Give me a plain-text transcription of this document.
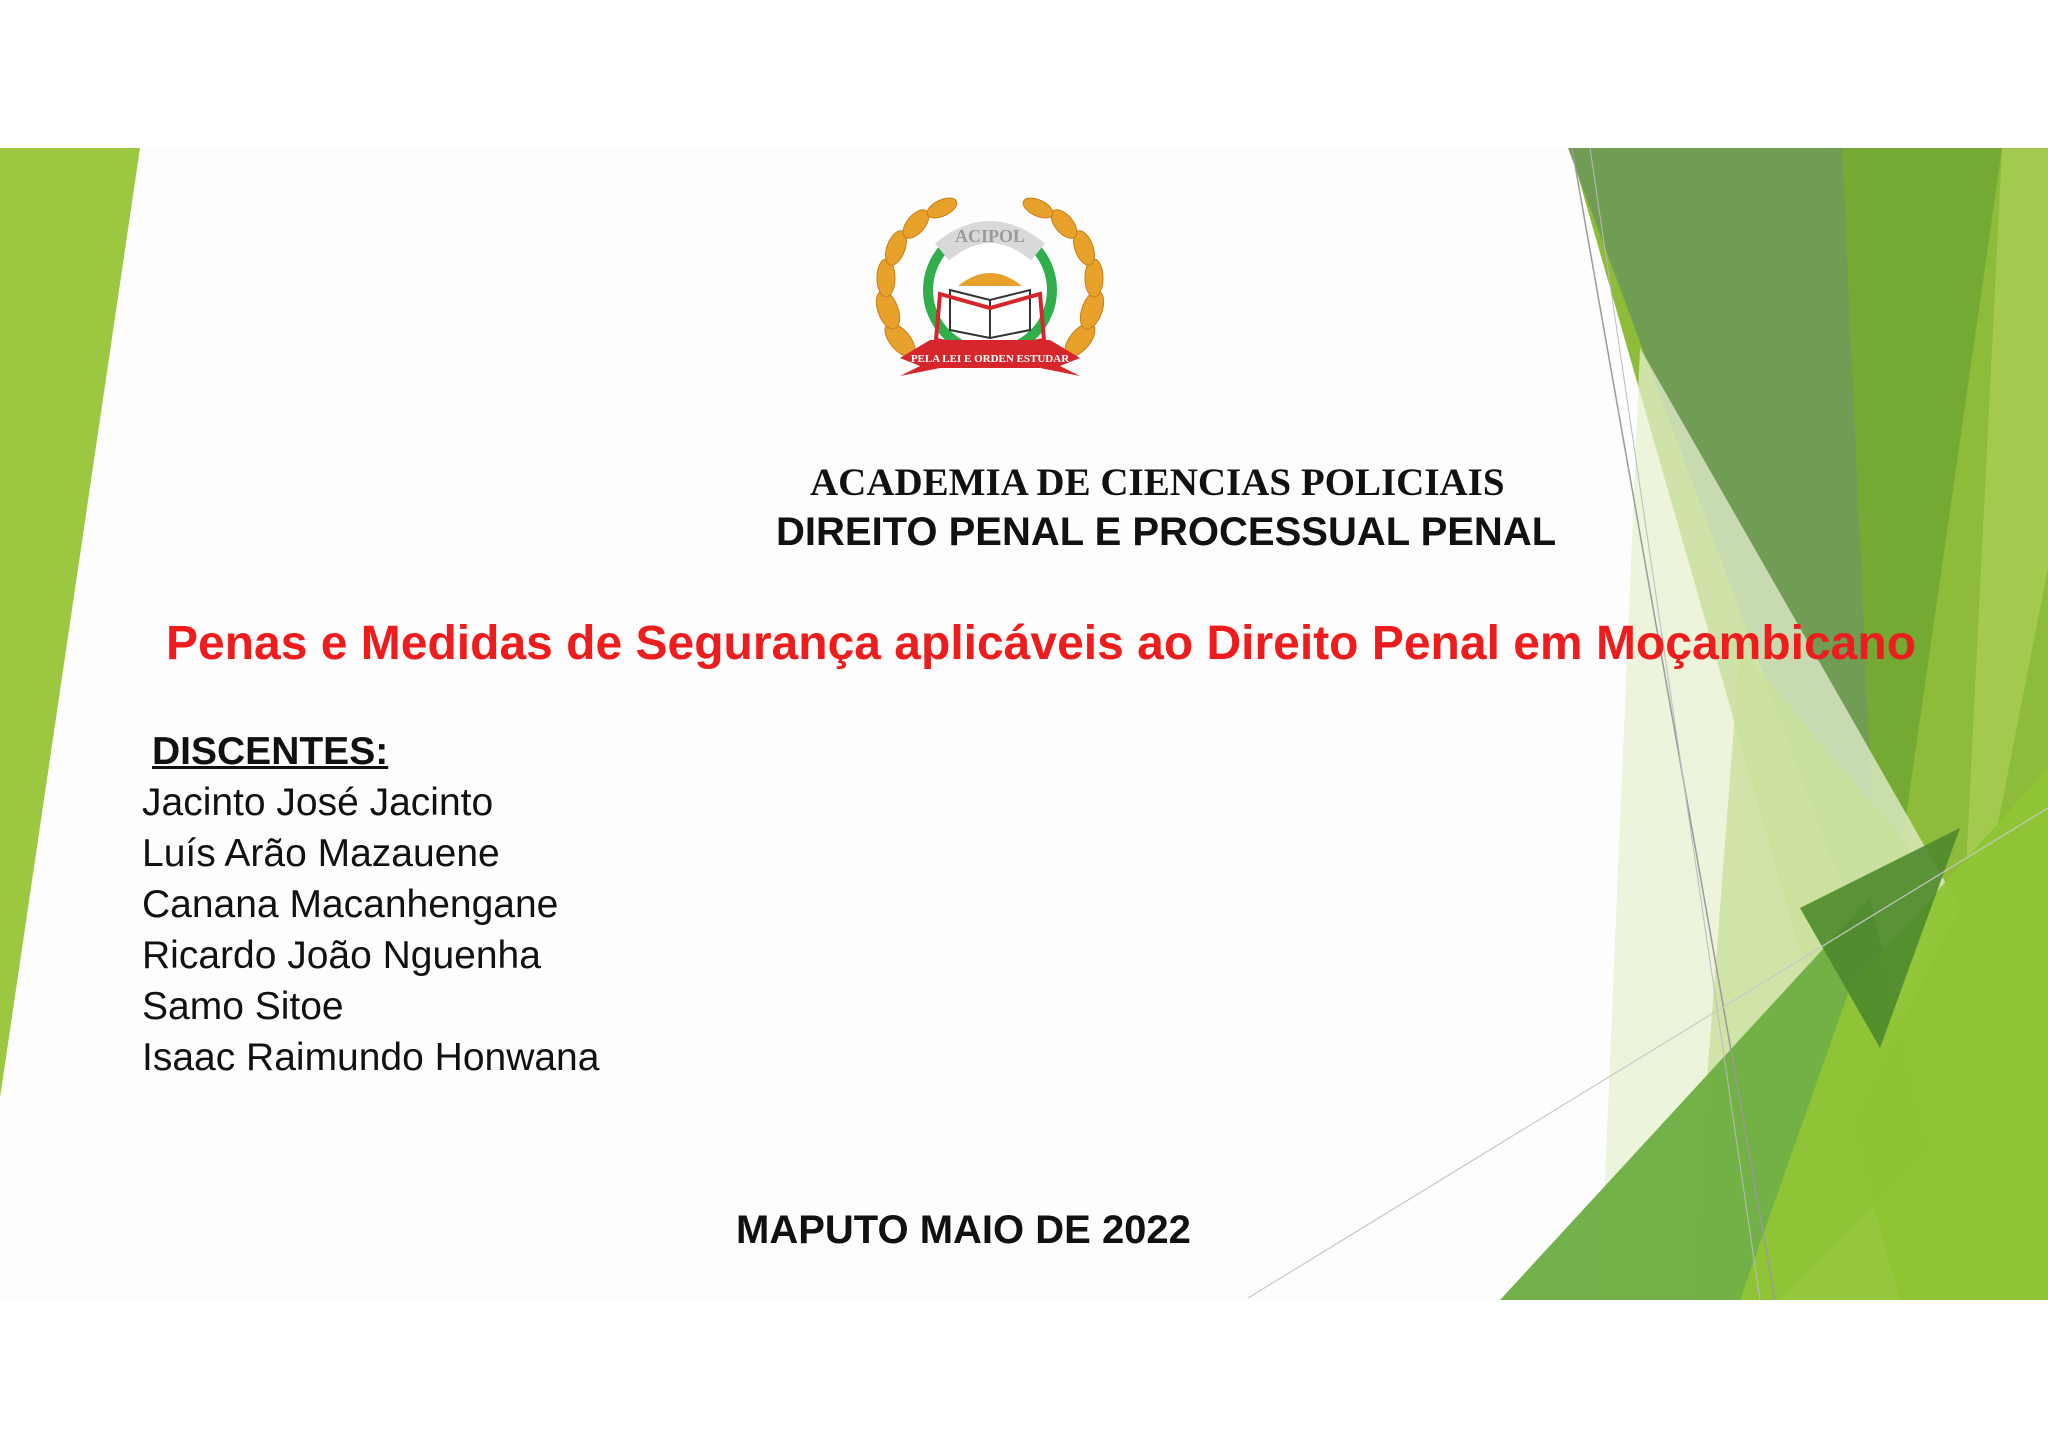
ACIPOL
PELA LEI E ORDEN ESTUDAR
ACADEMIA DE CIENCIAS POLICIAIS
DIREITO PENAL E PROCESSUAL PENAL
Penas e Medidas de Segurança aplicáveis ao Direito Penal em Moçambicano
DISCENTES:
Jacinto José Jacinto
Luís Arão Mazauene
Canana Macanhengane
Ricardo João Nguenha
Samo Sitoe
Isaac Raimundo Honwana
MAPUTO MAIO DE 2022
